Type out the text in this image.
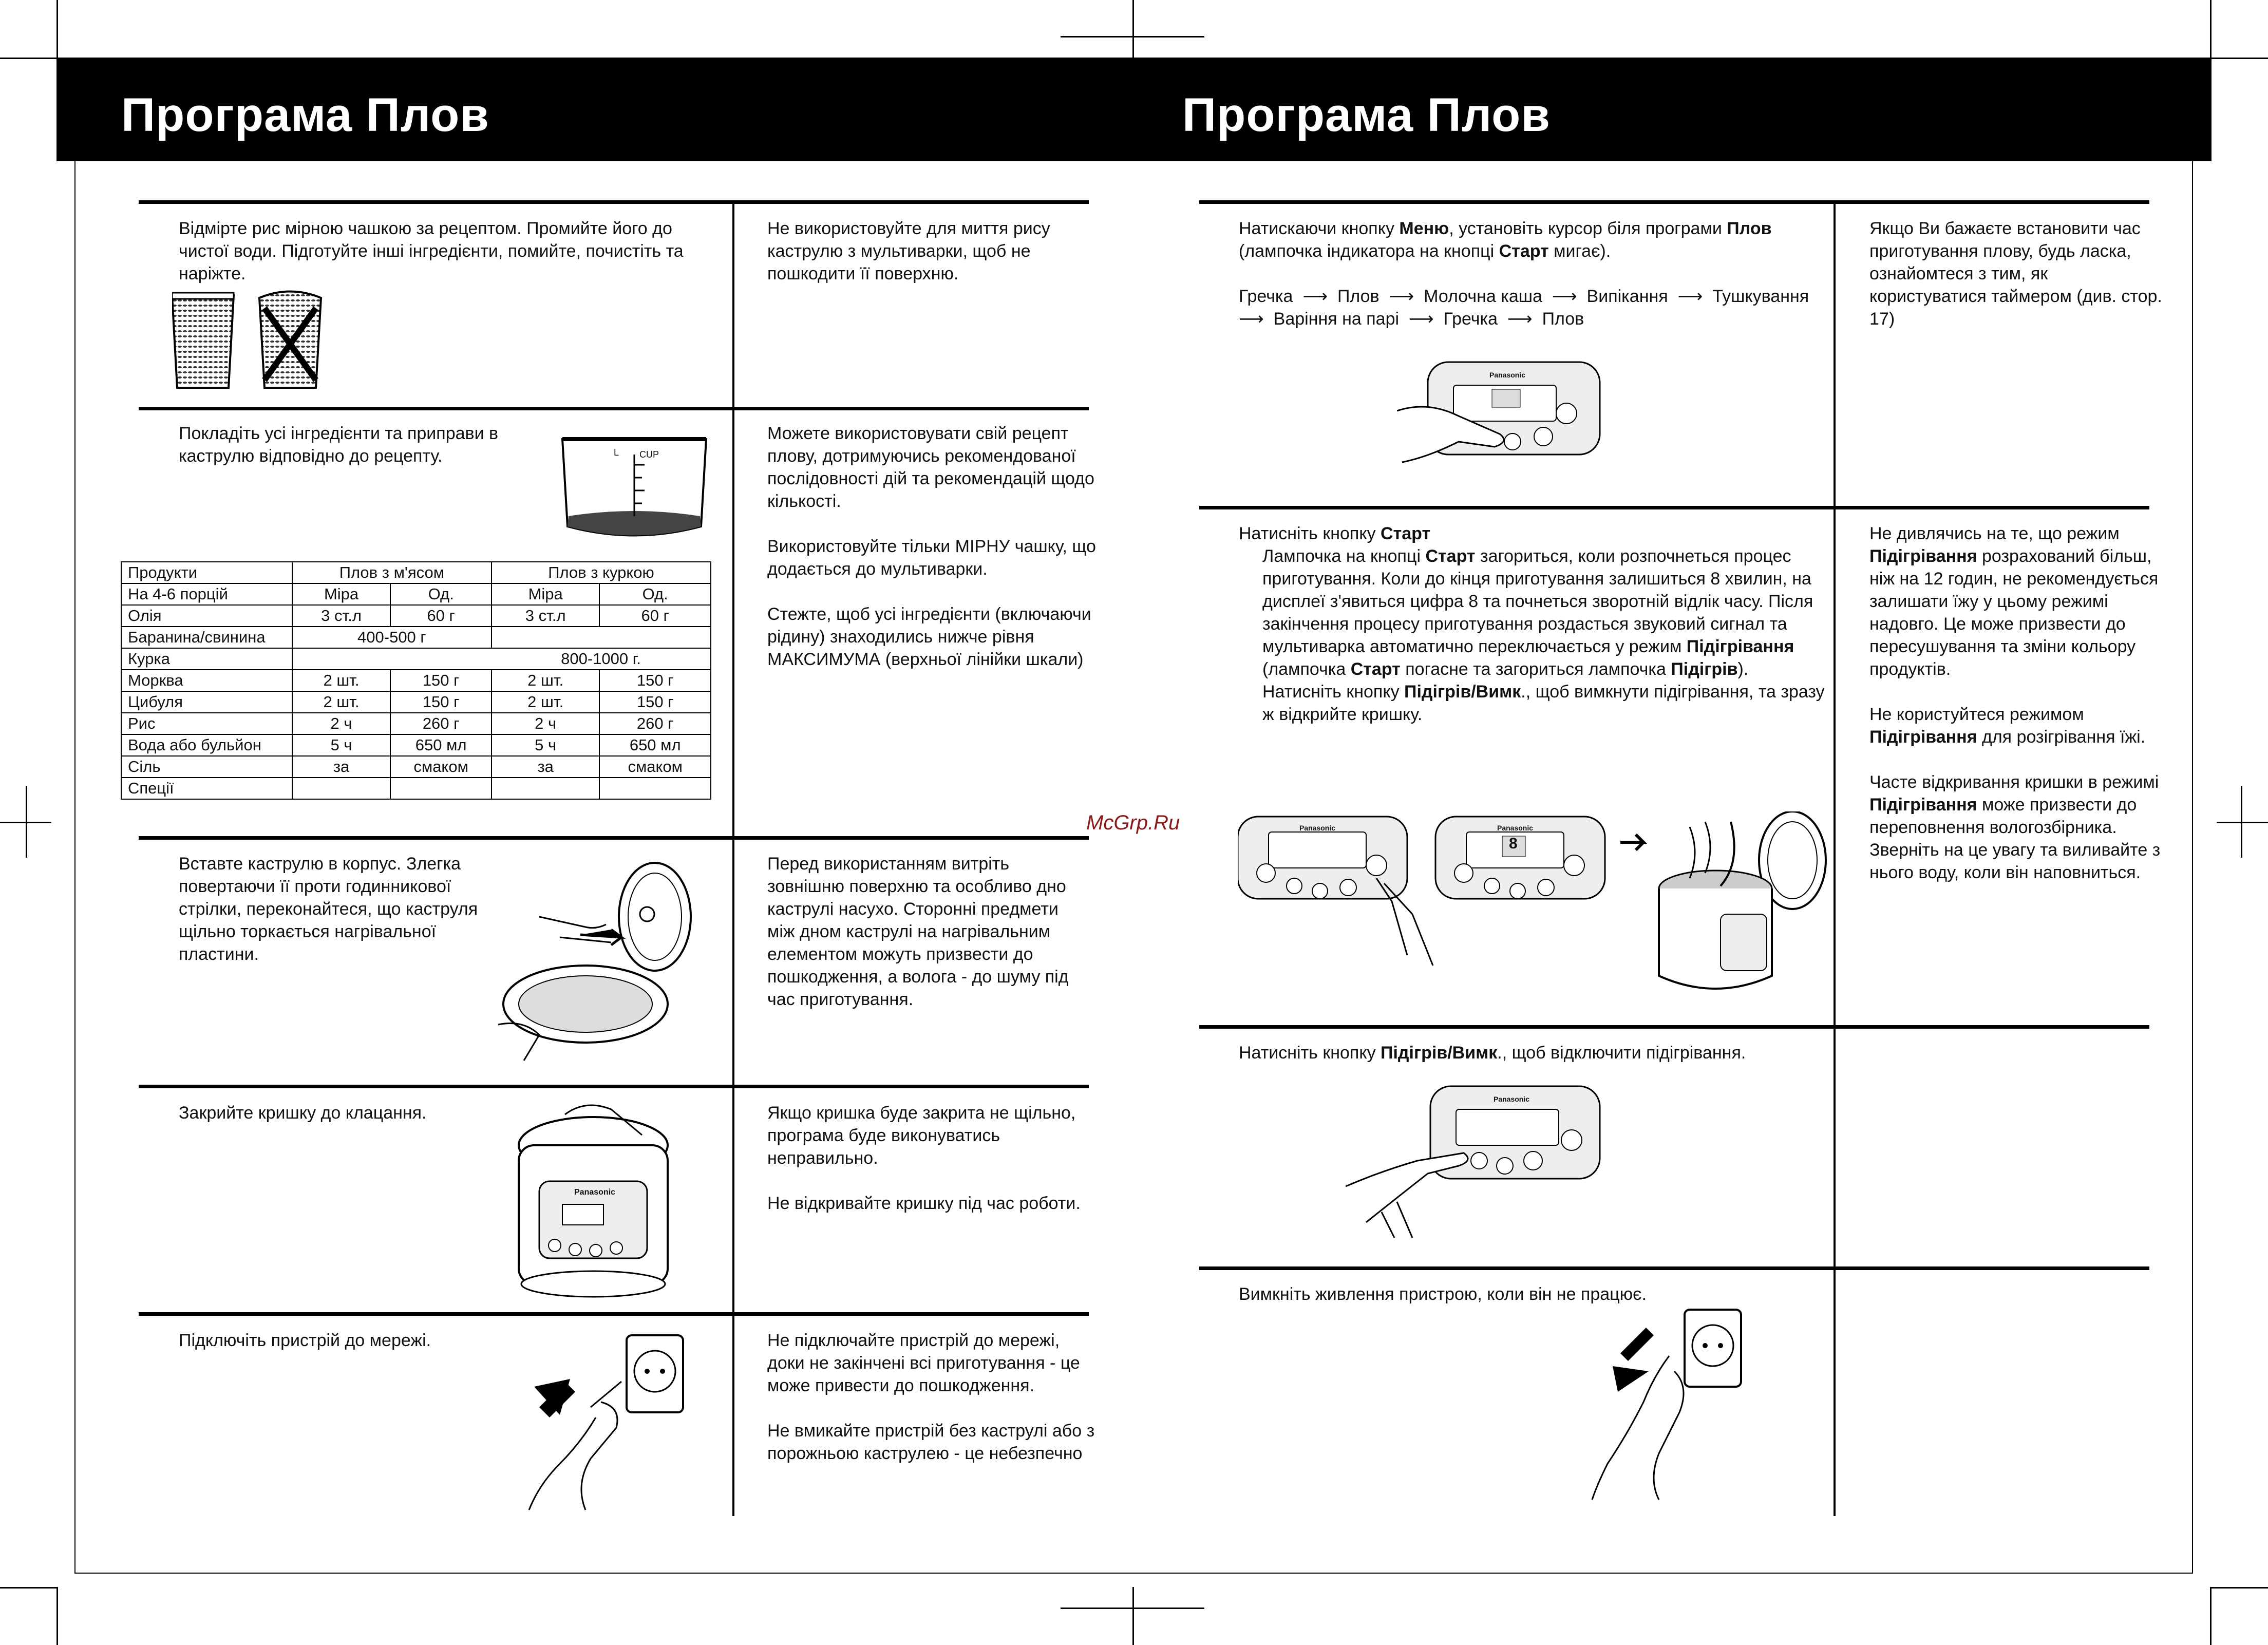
Програма Плов	Програма Плов
Відмірте рис мірною чашкою за рецептом. Промийте його до чистої води. Підготуйте інші інгредієнти, помийте, почистіть та наріжте.
Не використовуйте для миття рису каструлю з мультиварки, щоб не пошкодити її поверхню.
Покладіть усі інгредієнти та приправи в каструлю відповідно до рецепту.	L CUP

Можете використовувати свій рецепт плову, дотримуючись рекомендованої послідовності дій та рекомендацій щодо кількості.

Використовуйте тільки МІРНУ чашку, що додається до мультиварки.

Стежте, щоб усі інгредієнти (включаючи рідину) знаходились нижче рівня МАКСИМУМА (верхньої лінійки шкали)

Продукти	Плов з м'ясом		Плов з куркою	
На 4-6 порцій	Міра	Од.	Міра	Од.
Олія	3 ст.л	60 г	3 ст.л	60 г
Баранина/свинина	400-500 г			
Курка			800-1000 г.	
Морква	2 шт.	150 г	2 шт.	150 г
Цибуля	2 шт.	150 г	2 шт.	150 г
Рис	2 ч	260 г	2 ч	260 г
Вода або бульйон	5 ч	650 мл	5 ч	650 мл
Сіль	за	смаком	за	смаком
Спеції				
Вставте каструлю в корпус. Злегка повертаючи її проти годинникової стрілки, переконайтеся, що каструля щільно торкається нагрівальної пластини.
Перед використанням витріть зовнішню поверхню та особливо дно каструлі насухо. Сторонні предмети між дном каструлі на нагрівальним елементом можуть призвести до пошкодження, а волога - до шуму під час приготування.
Закрийте кришку до клацання.
Panasonic

Якщо кришка буде закрита не щільно, програма буде виконуватись неправильно.

Не відкривайте кришку під час роботи.

Підключіть пристрій до мережі.	Не підключайте пристрій до мережі, доки не закінчені всі приготування - це може привести до пошкодження.

Не вмикайте пристрій без каструлі або з порожньою каструлею - це небезпечно

McGrp.Ru
Натискаючи кнопку Меню, установіть курсор біля програми Плов
(лампочка індикатора на кнопці Старт мигає).
Гречка  ⟶  Плов  ⟶  Молочна каша  ⟶  Випікання  ⟶  Тушкування
⟶  Варіння на парі  ⟶  Гречка  ⟶  Плов
Panasonic
Якщо Ви бажаєте встановити час приготування плову, будь ласка, ознайомтеся з тим, як користуватися таймером (див. стор. 17)
Натисніть кнопку Старт
Лампочка на кнопці Старт загориться, коли розпочнеться процес приготування. Коли до кінця приготування залишиться 8 хвилин, на дисплеї з'явиться цифра 8 та почнеться зворотній відлік часу. Після закінчення процесу приготування роздасться звуковий сигнал та мультиварка автоматично переключається у режим Підігрівання (лампочка Старт погасне та загориться лампочка Підігрів). Натисніть кнопку Підігрів/Вимк., щоб вимкнути підігрівання, та зразу ж відкрийте кришку.
Panasonic	Panasonic
8

Не дивлячись на те, що режим Підігрівання розрахований більш, ніж на 12 годин, не рекомендується залишати їжу у цьому режимі надовго. Це може призвести до пересушування та зміни кольору продуктів.

Не користуйтеся режимом Підігрівання для розігрівання їжі.

Часте відкривання кришки в режимі Підігрівання може призвести до переповнення вологозбірника. Зверніть на це увагу та виливайте з нього воду, коли він наповниться.

Натисніть кнопку Підігрів/Вимк., щоб відключити підігрівання.
Panasonic
Вимкніть живлення пристрою, коли він не працює.
